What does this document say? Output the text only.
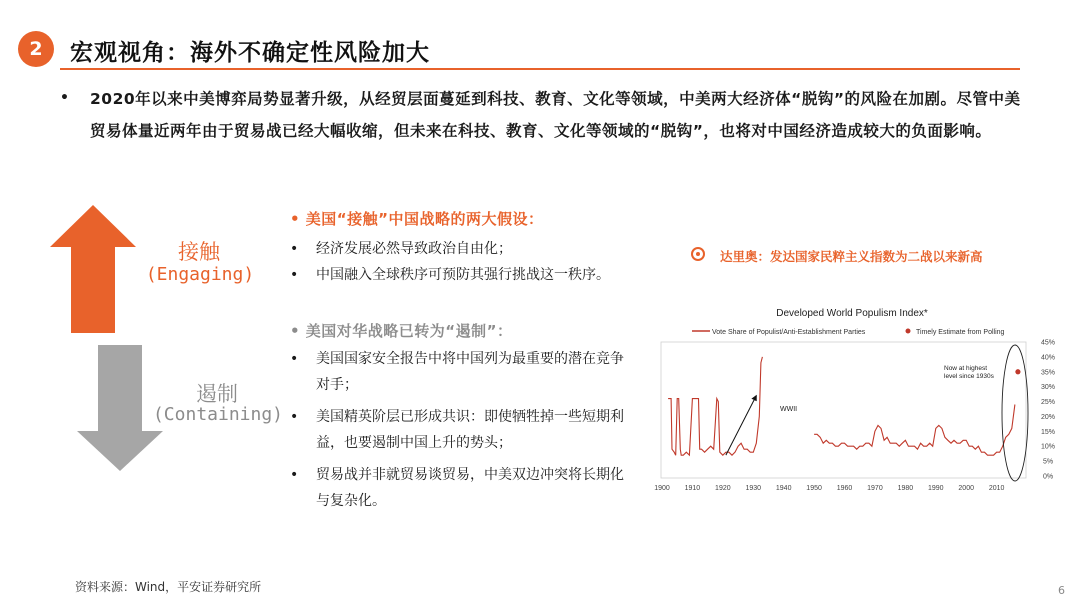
2	宏观视角：海外不确定性风险加大
• 2020年以来中美博弈局势显著升级，从经贸层面蔓延到科技、教育、文化等领域，中美两大经济体“脱钩”的风险在加剧。尽管中美贸易体量近两年由于贸易战已经大幅收缩，但未来在科技、教育、文化等领域的“脱钩”，也将对中国经济造成较大的负面影响。
接触
(Engaging)
遏制
(Containing)
• 美国“接触”中国战略的两大假设：
• 经济发展必然导致政治自由化；
• 中国融入全球秩序可预防其强行挑战这一秩序。
• 美国对华战略已转为“遏制”：
• 美国国家安全报告中将中国列为最重要的潜在竞争对手；
• 美国精英阶层已形成共识：即使牺牲掉一些短期利益，也要遏制中国上升的势头；
• 贸易战并非就贸易谈贸易，中美双边冲突将长期化与复杂化。
达里奥：发达国家民粹主义指数为二战以来新高
Developed World Populism Index*
Vote Share of Populist/Anti-Establishment Parties	Timely Estimate from Polling
0%
5%
10%
15%
20%
25%
30%
35%
40%
45%
1900 1910 1920 1930 1940 1950 1960 1970 1980 1990 2000 2010
WWII
Now at highest level since 1930s
资料来源：Wind，平安证券研究所	6
